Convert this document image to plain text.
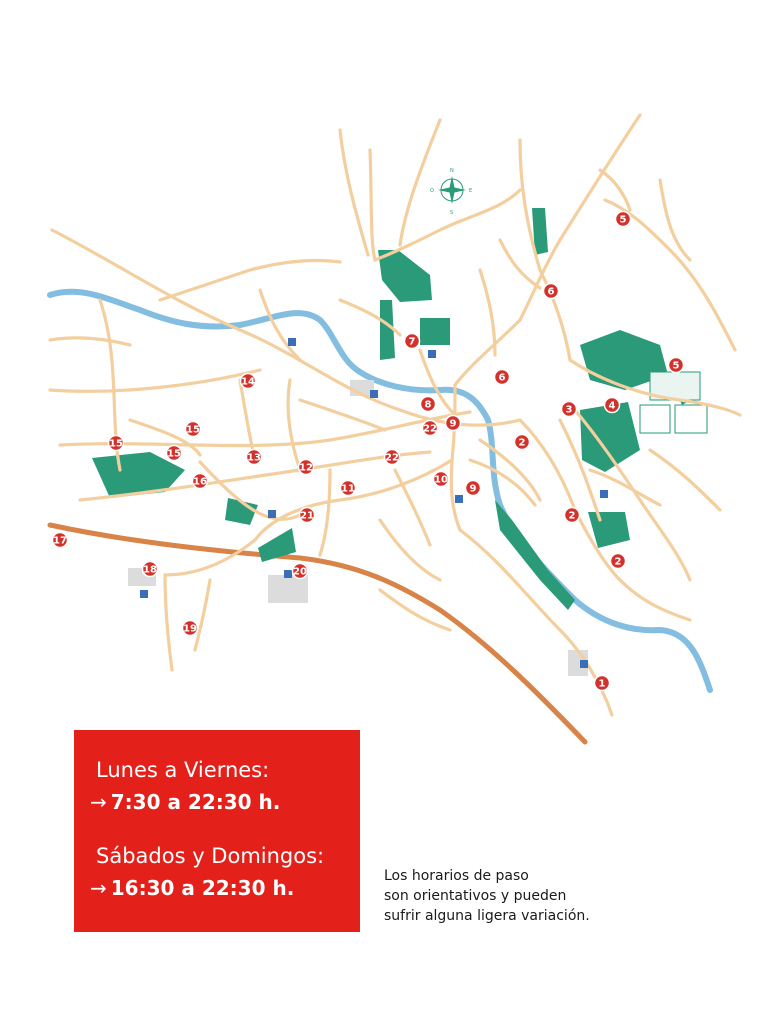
N
S
E
O
1
2
2
2
3	4
5
5
6
6
7
8
9
9
10
11
12
13
14
15
15
15
16
17
18
19
20
21
22
22
Lunes a Viernes:
→ 7:30 a 22:30 h.
Sábados y Domingos:
→ 16:30 a 22:30 h.	Los horarios de paso
son orientativos y pueden
sufrir alguna ligera variación.
